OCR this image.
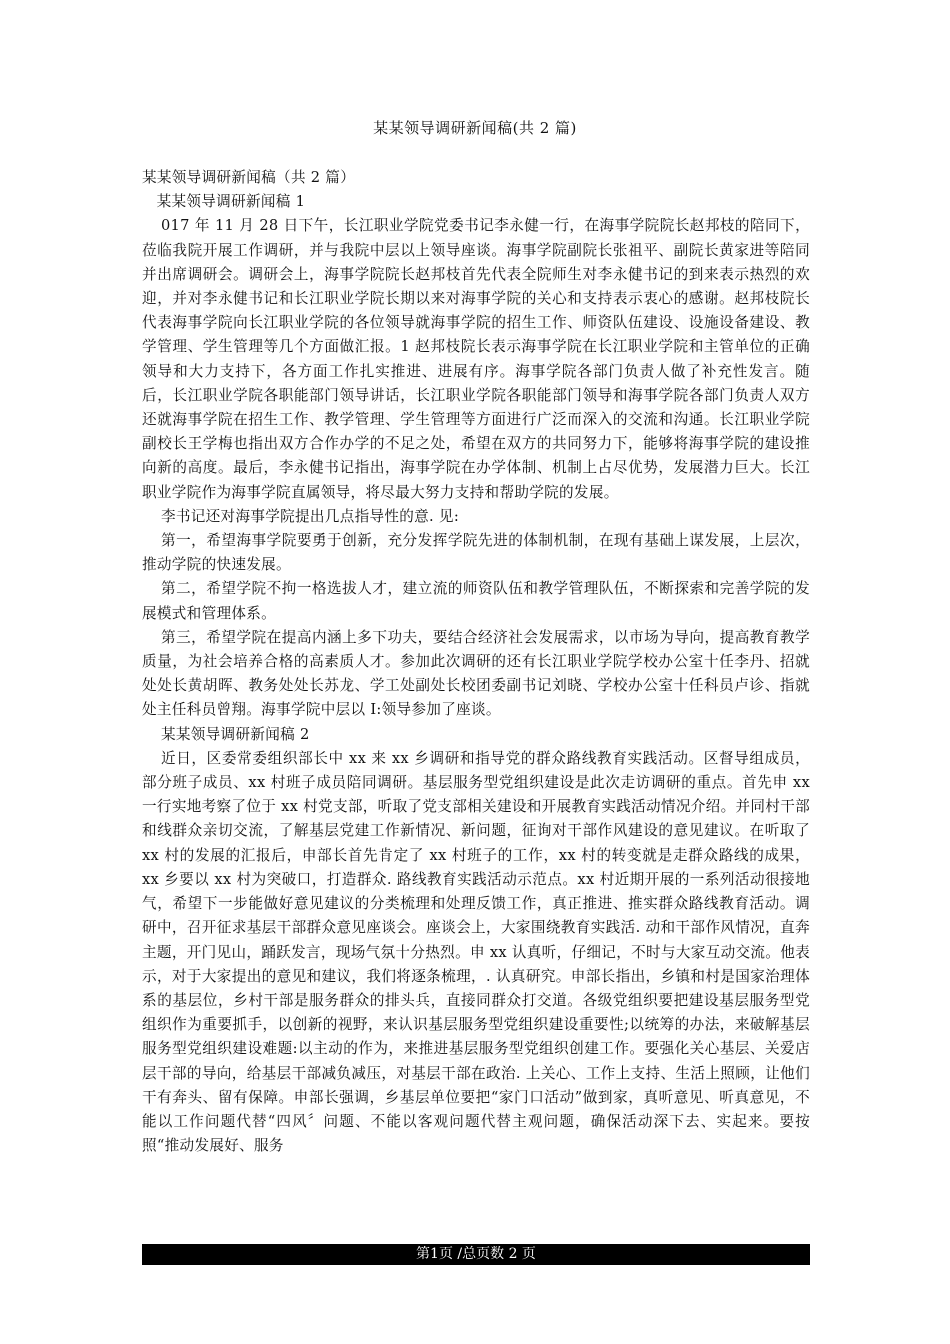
某某领导调研新闻稿(共 2 篇)

某某领导调研新闻稿（共 2 篇）

某某领导调研新闻稿 1

017 年 11 月 28 日下午，长江职业学院党委书记李永健一行，在海事学院院长赵邦枝的陪同下，莅临我院开展工作调研，并与我院中层以上领导座谈。海事学院副院长张祖平、副院长黄家进等陪同并出席调研会。调研会上，海事学院院长赵邦枝首先代表全院师生对李永健书记的到来表示热烈的欢迎，并对李永健书记和长江职业学院长期以来对海事学院的关心和支持表示衷心的感谢。赵邦枝院长代表海事学院向长江职业学院的各位领导就海事学院的招生工作、师资队伍建设、设施设备建设、教学管理、学生管理等几个方面做汇报。1 赵邦枝院长表示海事学院在长江职业学院和主管单位的正确领导和大力支持下，各方面工作扎实推进、进展有序。海事学院各部门负责人做了补充性发言。随后，长江职业学院各职能部门领导讲话，长江职业学院各职能部门领导和海事学院各部门负责人双方还就海事学院在招生工作、教学管理、学生管理等方面进行广泛而深入的交流和沟通。长江职业学院副校长王学梅也指出双方合作办学的不足之处，希望在双方的共同努力下，能够将海事学院的建设推向新的高度。最后，李永健书记指出，海事学院在办学体制、机制上占尽优势，发展潜力巨大。长江职业学院作为海事学院直属领导，将尽最大努力支持和帮助学院的发展。

李书记还对海事学院提出几点指导性的意. 见:

第一，希望海事学院要勇于创新，充分发挥学院先进的体制机制，在现有基础上谋发展，上层次， 推动学院的快速发展。

第二，希望学院不拘一格选拔人才，建立流的师资队伍和教学管理队伍，不断探索和完善学院的发展模式和管理体系。

第三，希望学院在提高内涵上多下功夫，要结合经济社会发展需求，以市场为导向，提高教育教学质量，为社会培养合格的高素质人才。参加此次调研的还有长江职业学院学校办公室十任李丹、招就处处长黄胡晖、教务处处长苏龙、学工处副处长校团委副书记刘晓、学校办公室十任科员卢诊、指就处主任科员曾翔。海事学院中层以 I:领导参加了座谈。

某某领导调研新闻稿 2

近日，区委常委组织部长中 xx 来 xx 乡调研和指导党的群众路线教育实践活动。区督导组成员，部分班子成员、xx 村班子成员陪同调研。基层服务型党组织建设是此次走访调研的重点。首先申 xx 一行实地考察了位于 xx 村党支部，听取了党支部相关建设和开展教育实践活动情况介绍。并同村干部和线群众亲切交流，了解基层党建工作新情况、新问题，征询对干部作风建设的意见建议。在听取了 xx 村的发展的汇报后，申部长首先肯定了 xx 村班子的工作，xx 村的转变就是走群众路线的成果，xx 乡要以 xx 村为突破口，打造群众. 路线教育实践活动示范点。xx 村近期开展的一系列活动很接地气，希望下一步能做好意见建议的分类梳理和处理反馈工作，真正推进、推实群众路线教育活动。调研中，召开征求基层干部群众意见座谈会。座谈会上，大家围绕教育实践活. 动和干部作风情况，直奔主题，开门见山，踊跃发言，现场气氛十分热烈。申 xx 认真听，仔细记，不时与大家互动交流。他表示，对于大家提出的意见和建议，我们将逐条梳理，. 认真研究。申部长指出，乡镇和村是国家治理体系的基层位，乡村干部是服务群众的排头兵，直接同群众打交道。各级党组织要把建设基层服务型党组织作为重要抓手，以创新的视野，来认识基层服务型党组织建设重要性;以统筹的办法，来破解基层服务型党组织建设难题:以主动的作为，来推进基层服务型党组织创建工作。要强化关心基层、关爱店层干部的导向，给基层干部减负减压，对基层干部在政治. 上关心、工作上支持、生活上照顾，让他们干有奔头、留有保障。申部长强调，乡基层单位要把“家门口活动”做到家，真听意见、听真意见，不能以工作问题代替“四风〞问题、不能以客观问题代替主观问题，确保活动深下去、实起来。要按照“推动发展好、服务

第1页 /总页数 2 页
